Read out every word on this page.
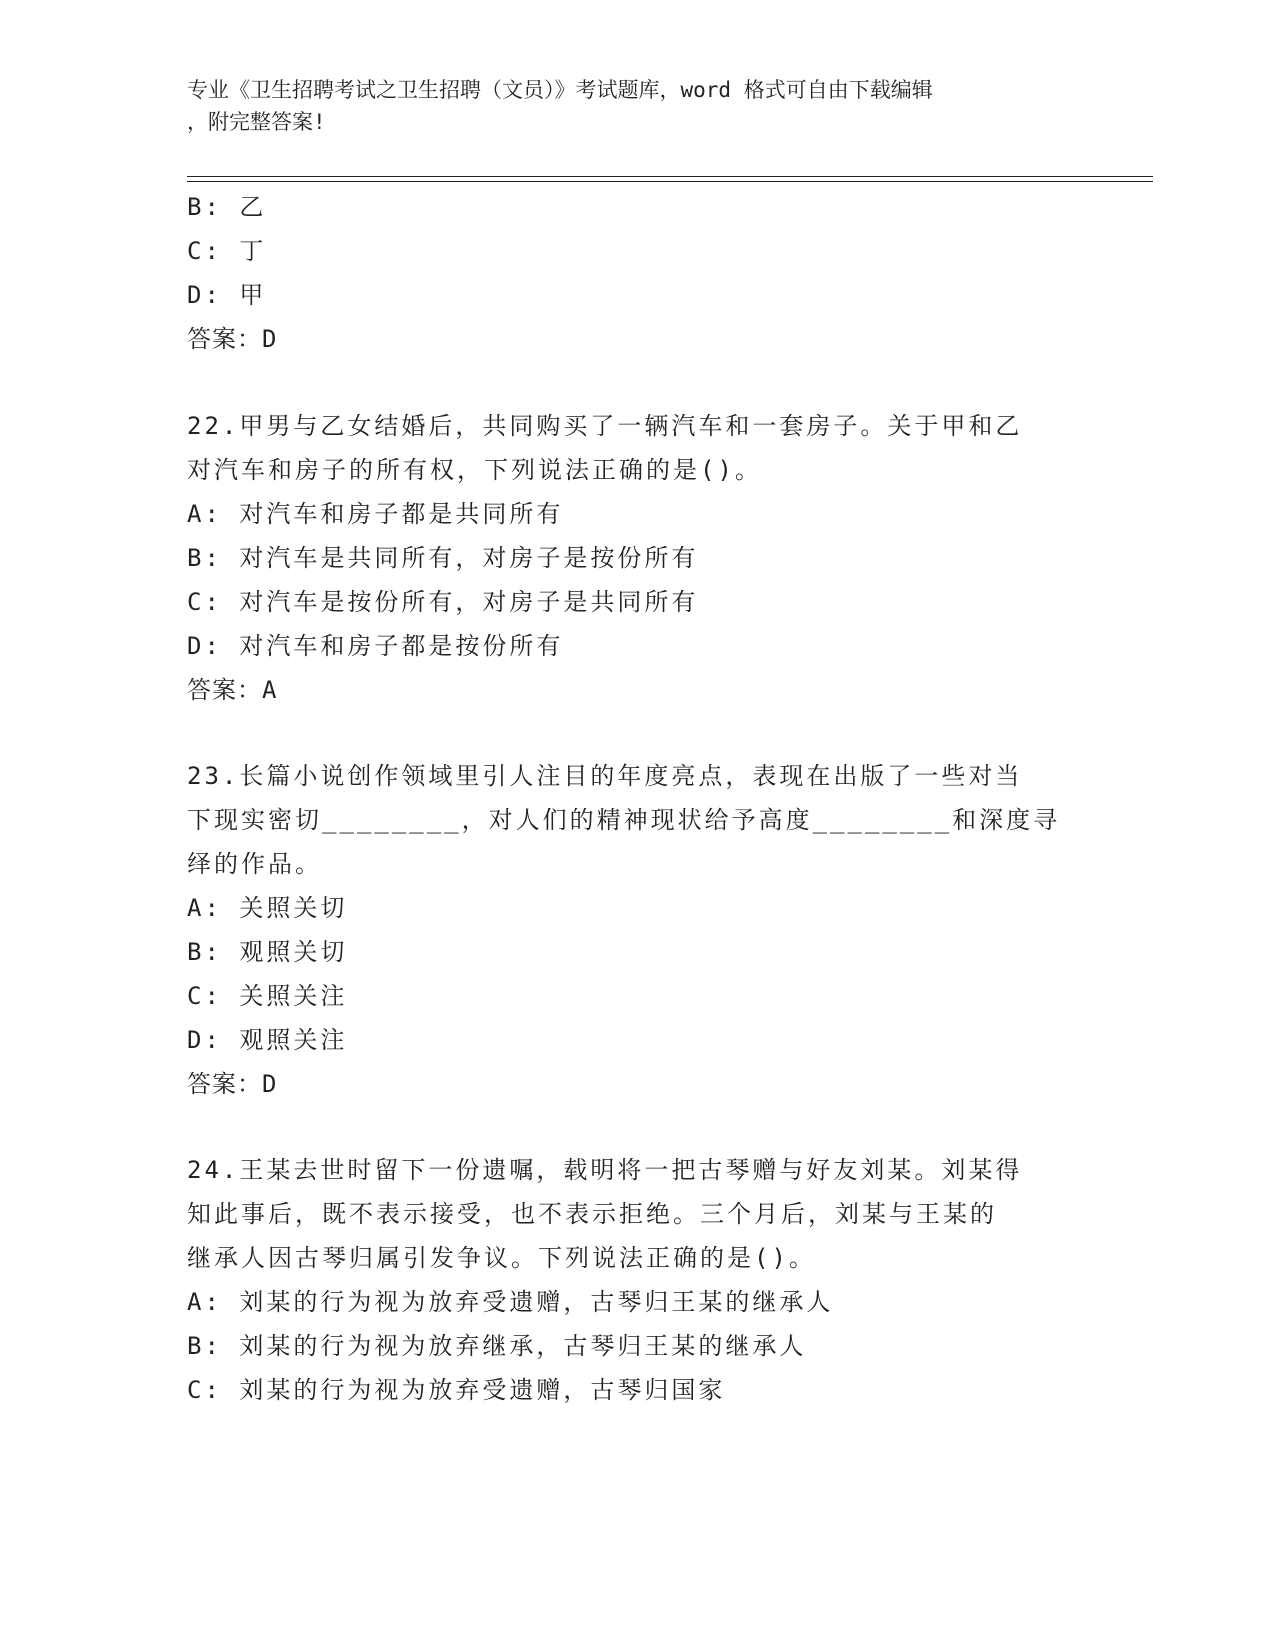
专业《卫生招聘考试之卫生招聘（文员）》考试题库，word 格式可自由下载编辑
，附完整答案!
B: 乙
C: 丁
D: 甲
答案：D
22.甲男与乙女结婚后，共同购买了一辆汽车和一套房子。关于甲和乙
对汽车和房子的所有权，下列说法正确的是()。
A: 对汽车和房子都是共同所有
B: 对汽车是共同所有，对房子是按份所有
C: 对汽车是按份所有，对房子是共同所有
D: 对汽车和房子都是按份所有
答案：A
23.长篇小说创作领域里引人注目的年度亮点，表现在出版了一些对当
下现实密切________，对人们的精神现状给予高度________和深度寻
绎的作品。
A: 关照关切
B: 观照关切
C: 关照关注
D: 观照关注
答案：D
24.王某去世时留下一份遗嘱，载明将一把古琴赠与好友刘某。刘某得
知此事后，既不表示接受，也不表示拒绝。三个月后，刘某与王某的
继承人因古琴归属引发争议。下列说法正确的是()。
A: 刘某的行为视为放弃受遗赠，古琴归王某的继承人
B: 刘某的行为视为放弃继承，古琴归王某的继承人
C: 刘某的行为视为放弃受遗赠，古琴归国家
